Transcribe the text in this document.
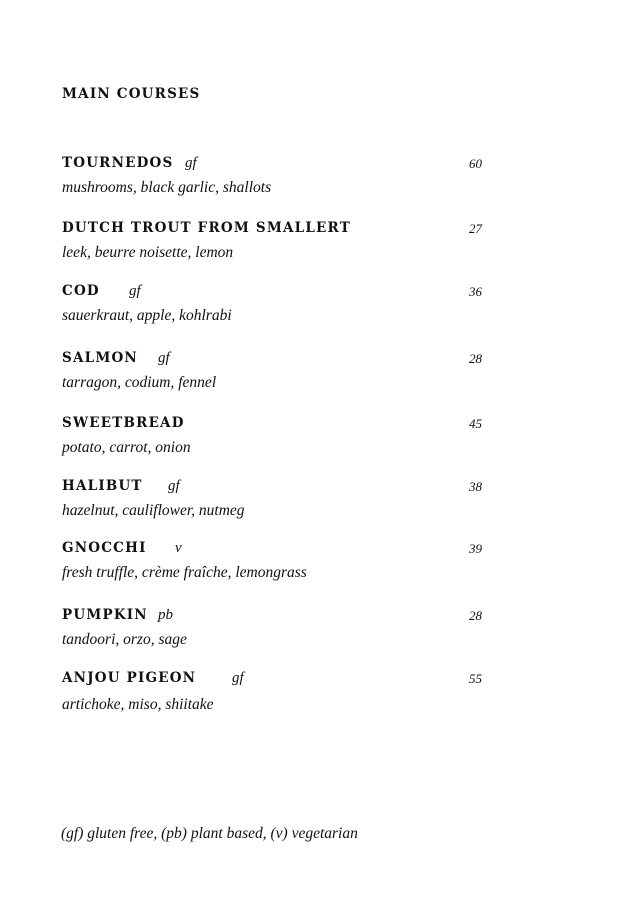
MAIN COURSES
TOURNEDOS gf	60
mushrooms, black garlic, shallots
DUTCH TROUT FROM SMALLERT	27
leek, beurre noisette, lemon
COD gf	36
sauerkraut, apple, kohlrabi
SALMON gf	28
tarragon, codium, fennel
SWEETBREAD	45
potato, carrot, onion
HALIBUT gf	38
hazelnut, cauliflower, nutmeg
GNOCCHI v	39
fresh truffle, crème fraîche, lemongrass
PUMPKIN pb	28
tandoori, orzo, sage
ANJOU PIGEON gf	55
artichoke, miso, shiitake
(gf) gluten free, (pb) plant based, (v) vegetarian
